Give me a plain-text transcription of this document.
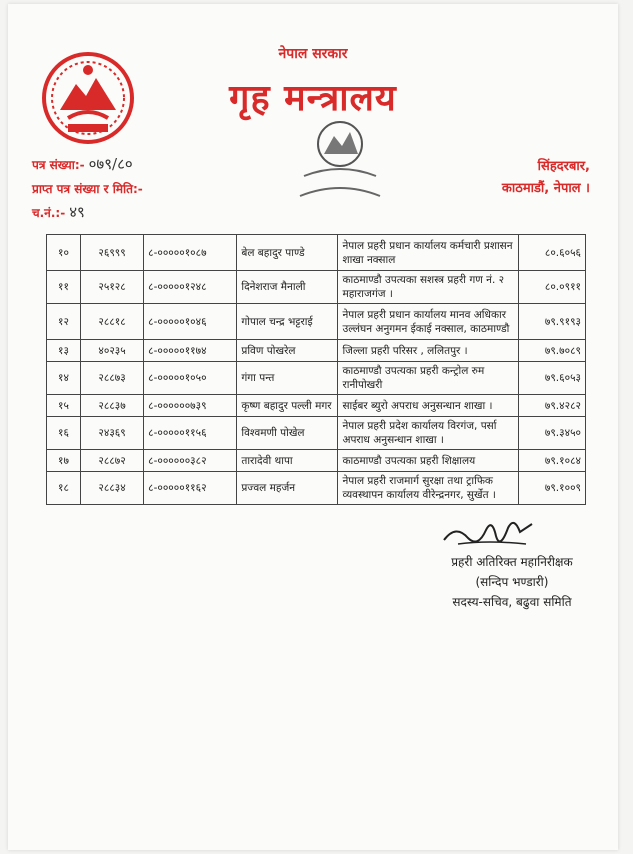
नेपाल सरकार
गृह मन्त्रालय
पत्र संख्या:- ०७९/८०
प्राप्त पत्र संख्या र मिति:-
च.नं.:- ४९
सिंहदरबार,
काठमाडौं, नेपाल ।
१०	२६९९९	८-०००००१०८७	बेल बहादुर पाण्डे	नेपाल प्रहरी प्रधान कार्यालय कर्मचारी प्रशासन शाखा नक्साल	८०.६०५६
११	२५१२८	८-०००००१२४८	दिनेशराज मैनाली	काठमाण्डौ उपत्यका सशस्त्र प्रहरी गण नं. २ महाराजगंज ।	८०.०९११
१२	२८८१८	८-०००००१०४६	गोपाल चन्द्र भट्टराई	नेपाल प्रहरी प्रधान कार्यालय मानव अधिकार उल्लंघन अनुगमन ईकाई नक्साल, काठमाण्डौ	७९.९१९३
१३	४०२३५	८-०००००११७४	प्रविण पोखरेल	जिल्ला प्रहरी परिसर , ललितपुर ।	७९.७०८९
१४	२८८७३	८-०००००१०५०	गंगा पन्त	काठमाण्डौ उपत्यका प्रहरी कन्ट्रोल रुम रानीपोखरी	७९.६०५३
१५	२८८३७	८-००००००७३९	कृष्ण बहादुर पल्ली मगर	साईबर ब्युरो अपराध अनुसन्धान शाखा ।	७९.४२८२
१६	२४३६९	८-०००००११५६	विश्वमणी पोखेल	नेपाल प्रहरी प्रदेश कार्यालय विरगंज, पर्सा अपराध अनुसन्धान शाखा ।	७९.३४५०
१७	२८८७२	८-००००००३८२	तारादेवी थापा	काठमाण्डौ उपत्यका प्रहरी शिक्षालय	७९.१०८४
१८	२८८३४	८-०००००११६२	प्रज्वल महर्जन	नेपाल प्रहरी राजमार्ग सुरक्षा तथा ट्राफिक व्यवस्थापन कार्यालय वीरेन्द्रनगर, सुर्खेत ।	७९.१००९
प्रहरी अतिरिक्त महानिरीक्षक
(सन्दिप भण्डारी)
सदस्य-सचिव, बढुवा समिति
